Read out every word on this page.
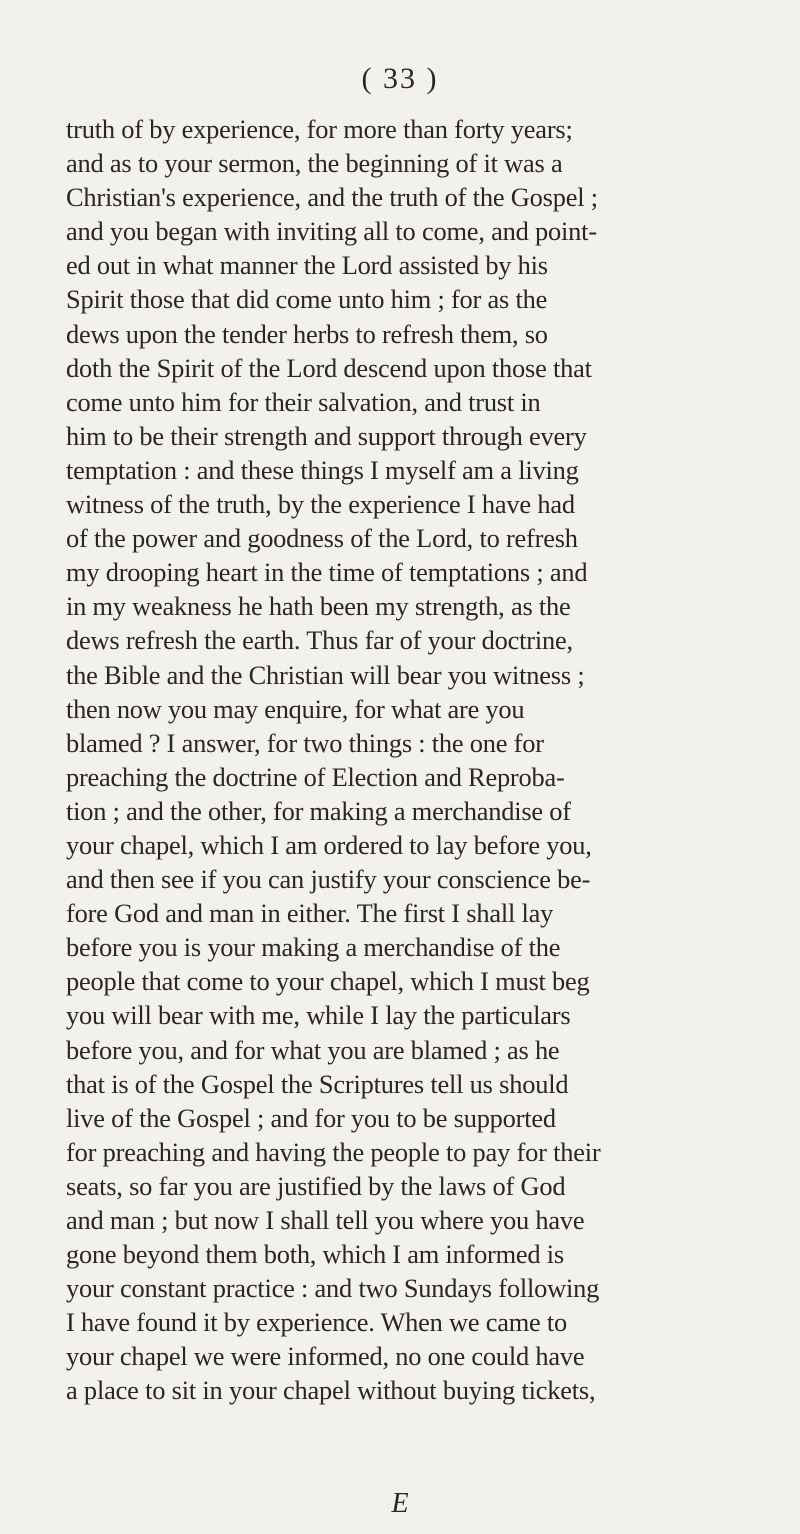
( 33 )
truth of by experience, for more than forty years;
and as to your sermon, the beginning of it was a
Christian's experience, and the truth of the Gospel ;
and you began with inviting all to come, and point-
ed out in what manner the Lord assisted by his
Spirit those that did come unto him ; for as the
dews upon the tender herbs to refresh them, so
doth the Spirit of the Lord descend upon those that
come unto him for their salvation, and trust in
him to be their strength and support through every
temptation : and these things I myself am a living
witness of the truth, by the experience I have had
of the power and goodness of the Lord, to refresh
my drooping heart in the time of temptations ; and
in my weakness he hath been my strength, as the
dews refresh the earth. Thus far of your doctrine,
the Bible and the Christian will bear you witness ;
then now you may enquire, for what are you
blamed ? I answer, for two things : the one for
preaching the doctrine of Election and Reproba-
tion ; and the other, for making a merchandise of
your chapel, which I am ordered to lay before you,
and then see if you can justify your conscience be-
fore God and man in either. The first I shall lay
before you is your making a merchandise of the
people that come to your chapel, which I must beg
you will bear with me, while I lay the particulars
before you, and for what you are blamed ; as he
that is of the Gospel the Scriptures tell us should
live of the Gospel ; and for you to be supported
for preaching and having the people to pay for their
seats, so far you are justified by the laws of God
and man ; but now I shall tell you where you have
gone beyond them both, which I am informed is
your constant practice : and two Sundays following
I have found it by experience. When we came to
your chapel we were informed, no one could have
a place to sit in your chapel without buying tickets,
E
